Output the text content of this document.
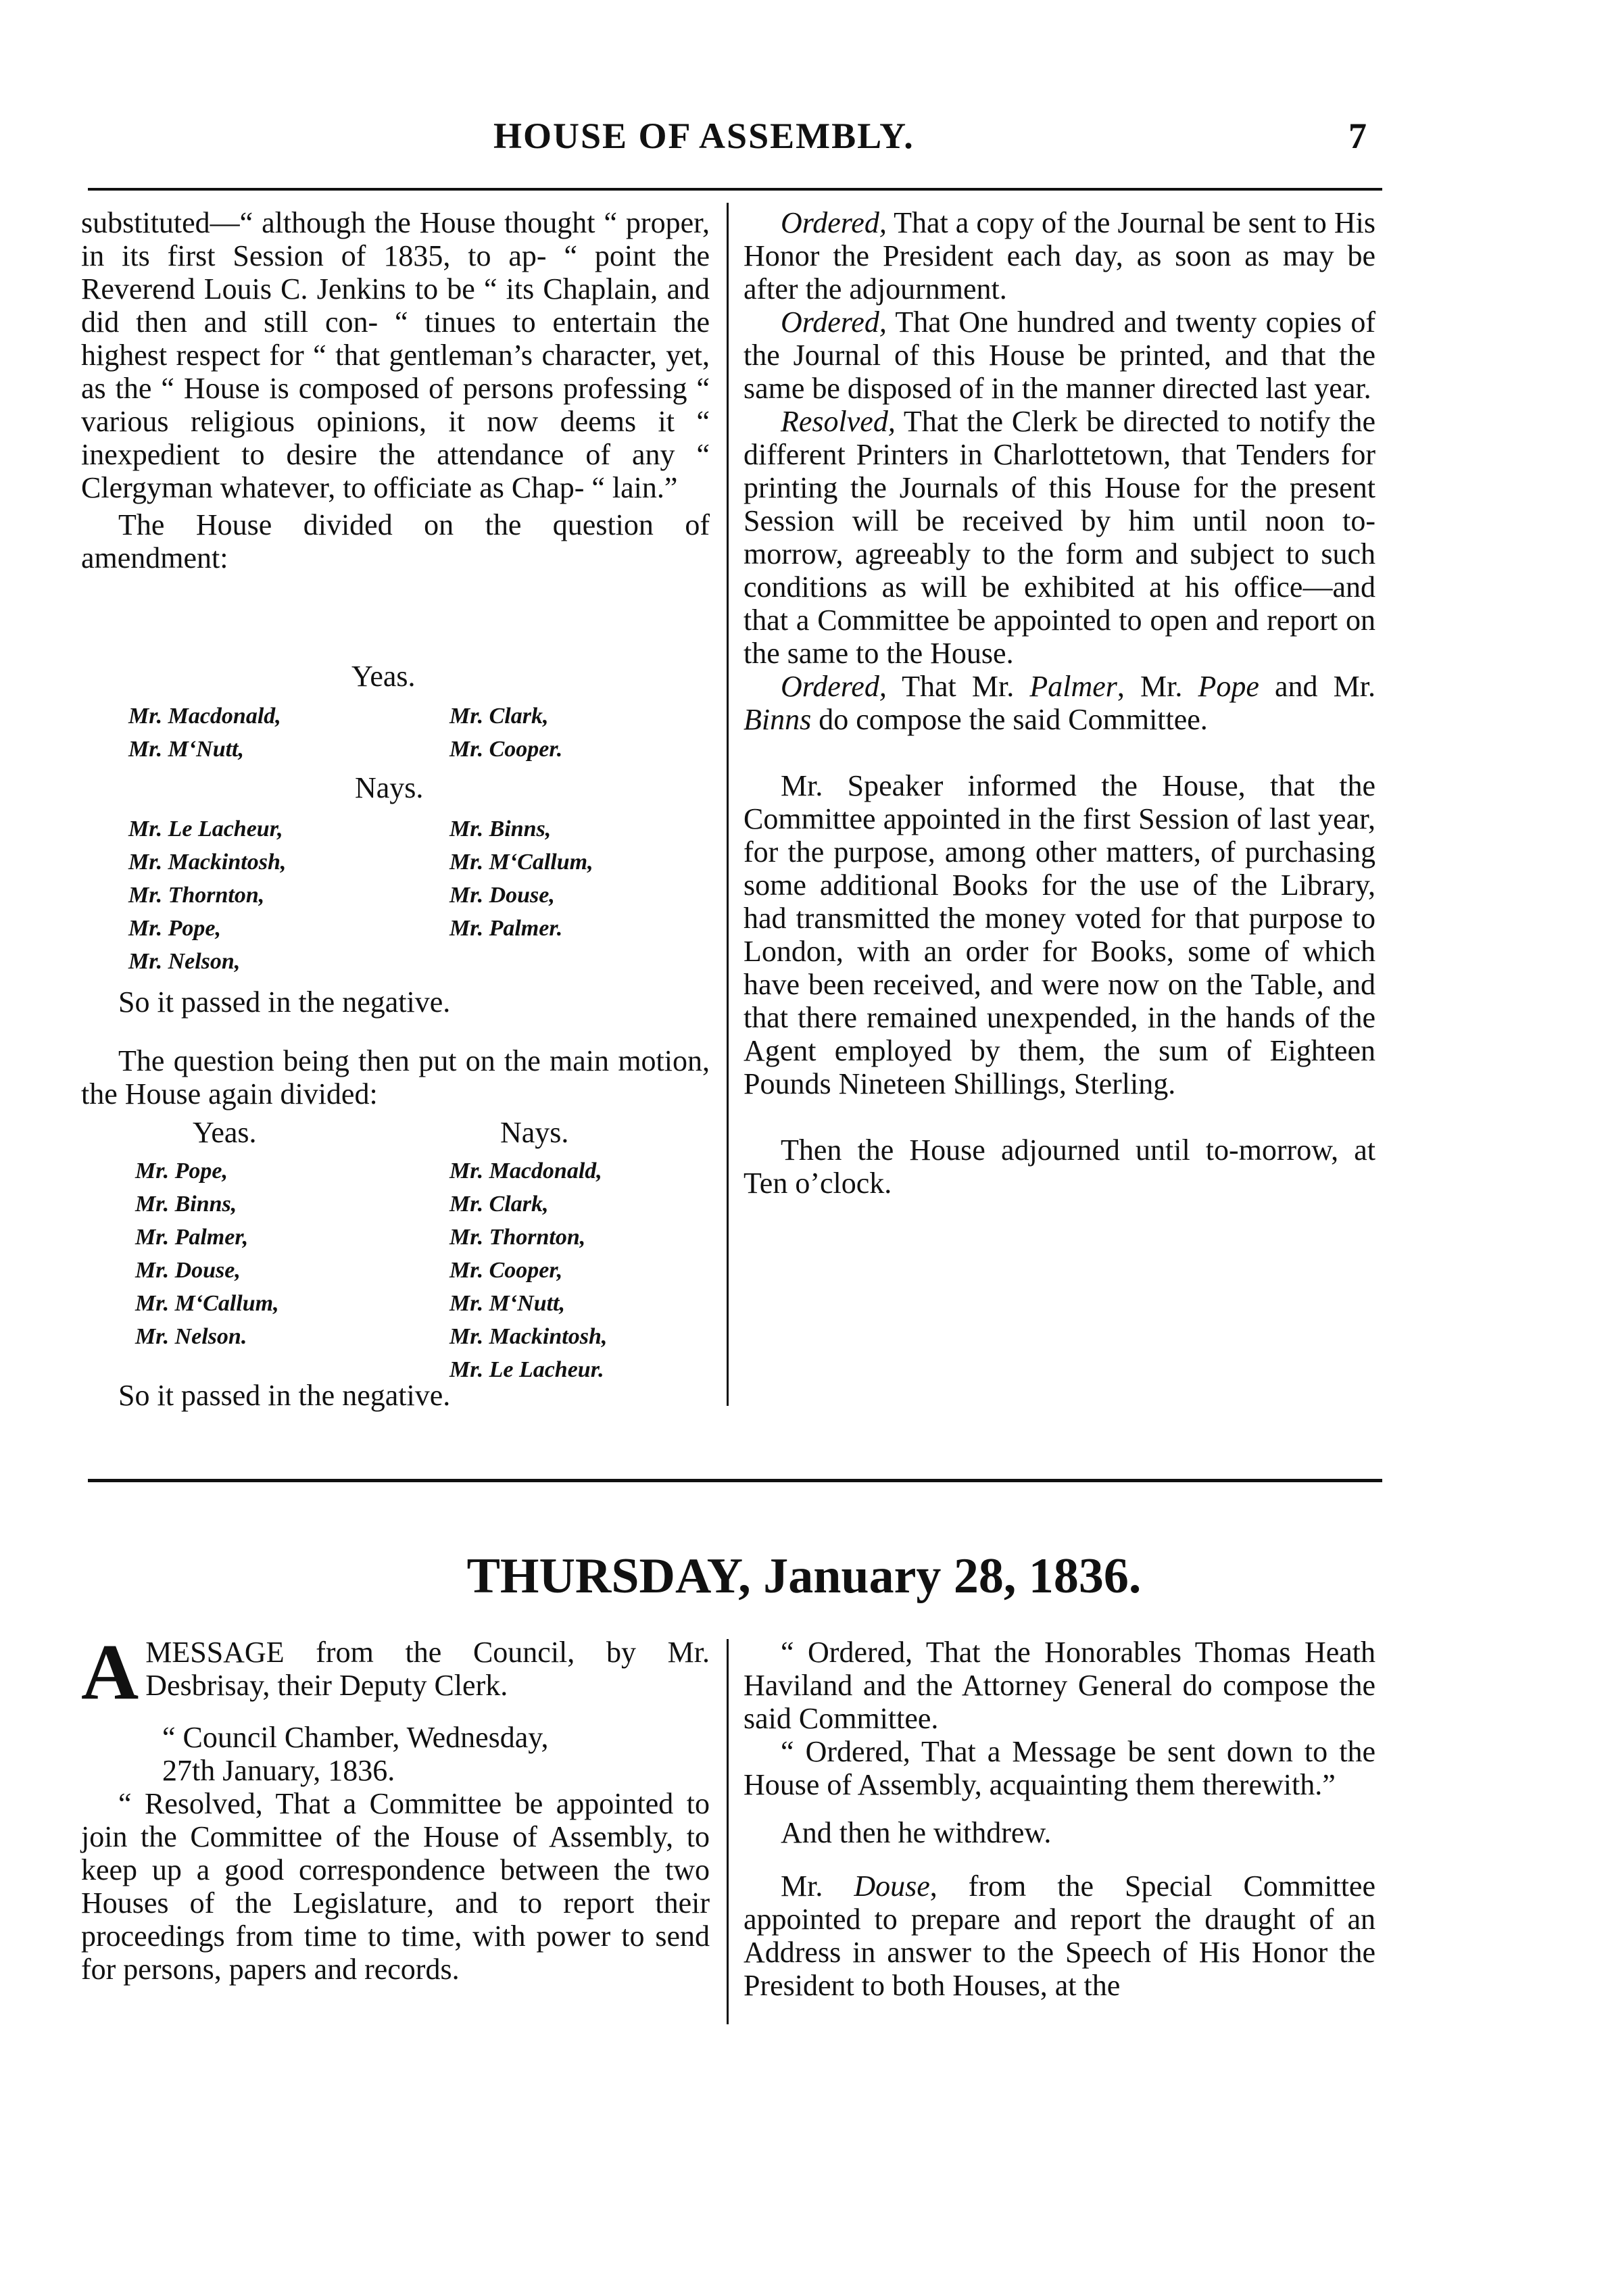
HOUSE OF ASSEMBLY.	7

substituted—“ although the House thought “ proper, in its first Session of 1835, to ap- “ point the Reverend Louis C. Jenkins to be “ its Chaplain, and did then and still con- “ tinues to entertain the highest respect for “ that gentleman’s character, yet, as the “ House is composed of persons professing “ various religious opinions, it now deems it “ inexpedient to desire the attendance of any “ Clergyman whatever, to officiate as Chap- “ lain.”

The House divided on the question of amendment:

Yeas.
Mr. Macdonald,
Mr. M‘Nutt,
Mr. Clark,
Mr. Cooper.
Nays.
Mr. Le Lacheur,
Mr. Mackintosh,
Mr. Thornton,
Mr. Pope,
Mr. Nelson,
Mr. Binns,
Mr. M‘Callum,
Mr. Douse,
Mr. Palmer.

So it passed in the negative.

The question being then put on the main motion, the House again divided:

Yeas.	Nays.
Mr. Pope,
Mr. Binns,
Mr. Palmer,
Mr. Douse,
Mr. M‘Callum,
Mr. Nelson.
Mr. Macdonald,
Mr. Clark,
Mr. Thornton,
Mr. Cooper,
Mr. M‘Nutt,
Mr. Mackintosh,
Mr. Le Lacheur.

So it passed in the negative.

Ordered, That a copy of the Journal be sent to His Honor the President each day, as soon as may be after the adjournment.

Ordered, That One hundred and twenty copies of the Journal of this House be printed, and that the same be disposed of in the manner directed last year.

Resolved, That the Clerk be directed to notify the different Printers in Charlottetown, that Tenders for printing the Journals of this House for the present Session will be received by him until noon to-morrow, agreeably to the form and subject to such conditions as will be exhibited at his office—and that a Committee be appointed to open and report on the same to the House.

Ordered, That Mr. Palmer, Mr. Pope and Mr. Binns do compose the said Committee.

Mr. Speaker informed the House, that the Committee appointed in the first Session of last year, for the purpose, among other matters, of purchasing some additional Books for the use of the Library, had transmitted the money voted for that purpose to London, with an order for Books, some of which have been received, and were now on the Table, and that there remained unexpended, in the hands of the Agent employed by them, the sum of Eighteen Pounds Nineteen Shillings, Sterling.

Then the House adjourned until to-morrow, at Ten o’clock.

THURSDAY, January 28, 1836.

AMESSAGE from the Council, by Mr. Desbrisay, their Deputy Clerk.

“ Council Chamber, Wednesday,

27th January, 1836.

“ Resolved, That a Committee be appointed to join the Committee of the House of Assembly, to keep up a good correspondence between the two Houses of the Legislature, and to report their proceedings from time to time, with power to send for persons, papers and records.

“ Ordered, That the Honorables Thomas Heath Haviland and the Attorney General do compose the said Committee.

“ Ordered, That a Message be sent down to the House of Assembly, acquainting them therewith.”

And then he withdrew.

Mr. Douse, from the Special Committee appointed to prepare and report the draught of an Address in answer to the Speech of His Honor the President to both Houses, at the
